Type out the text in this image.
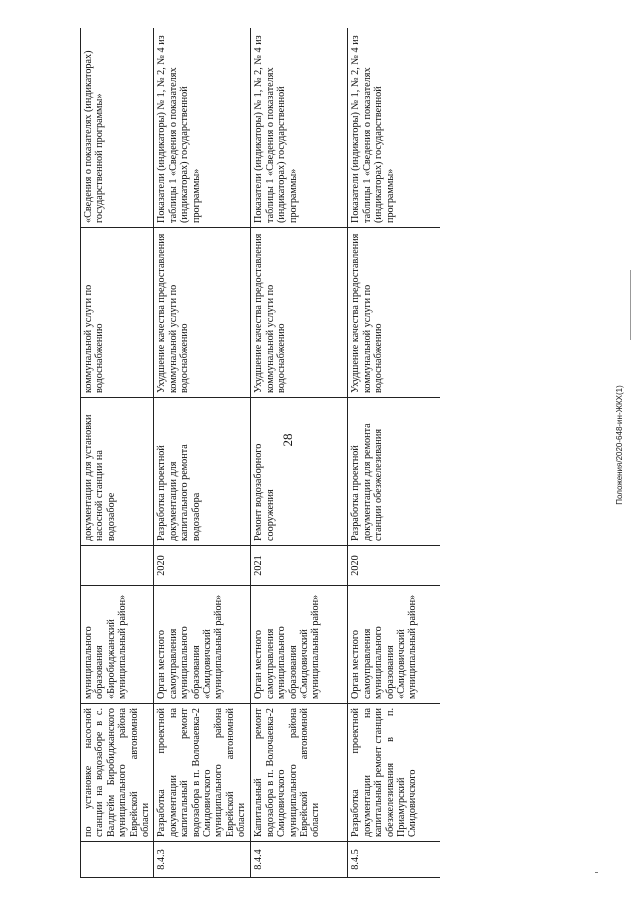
28	Положения/2020-648-ин-ЖКХ(1)

	по установке насосной станции на водозаборе в с. Валдгейм Биробиджанского муниципального района Еврейской автономной области	муниципального образования «Биробиджанский муниципальный район»		документации для установки насосной станции на водозаборе	коммунальной услуги по водоснабжению	«Сведения о показателях (индикаторах) государственной программы»

8.4.3	Разработка проектной документации на капитальный ремонт водозабора в п. Волочаевка-2 Смидовичского муниципального района Еврейской автономной области	Орган местного самоуправления муниципального образования «Смидовичский муниципальный район»	2020	Разработка проектной документации для капитального ремонта водозабора	Ухудшение качества предоставления коммунальной услуги по водоснабжению	Показатели (индикаторы) № 1, № 2, № 4 из таблицы 1 «Сведения о показателях (индикаторах) государственной программы»

8.4.4	Капитальный ремонт водозабора в п. Волочаевка-2 Смидовичского муниципального района Еврейской автономной области	Орган местного самоуправления муниципального образования «Смидовичский муниципальный район»	2021	Ремонт водозаборного сооружения	Ухудшение качества предоставления коммунальной услуги по водоснабжению	Показатели (индикаторы) № 1, № 2, № 4 из таблицы 1 «Сведения о показателях (индикаторах) государственной программы»

8.4.5	Разработка проектной документации на капитальный ремонт станции обезжелезивания в п. Приамурский Смидовичского	Орган местного самоуправления муниципального образования «Смидовичский муниципальный район»	2020	Разработка проектной документации для ремонта станции обезжелезивания	Ухудшение качества предоставления коммунальной услуги по водоснабжению	Показатели (индикаторы) № 1, № 2, № 4 из таблицы 1 «Сведения о показателях (индикаторах) государственной программы»
